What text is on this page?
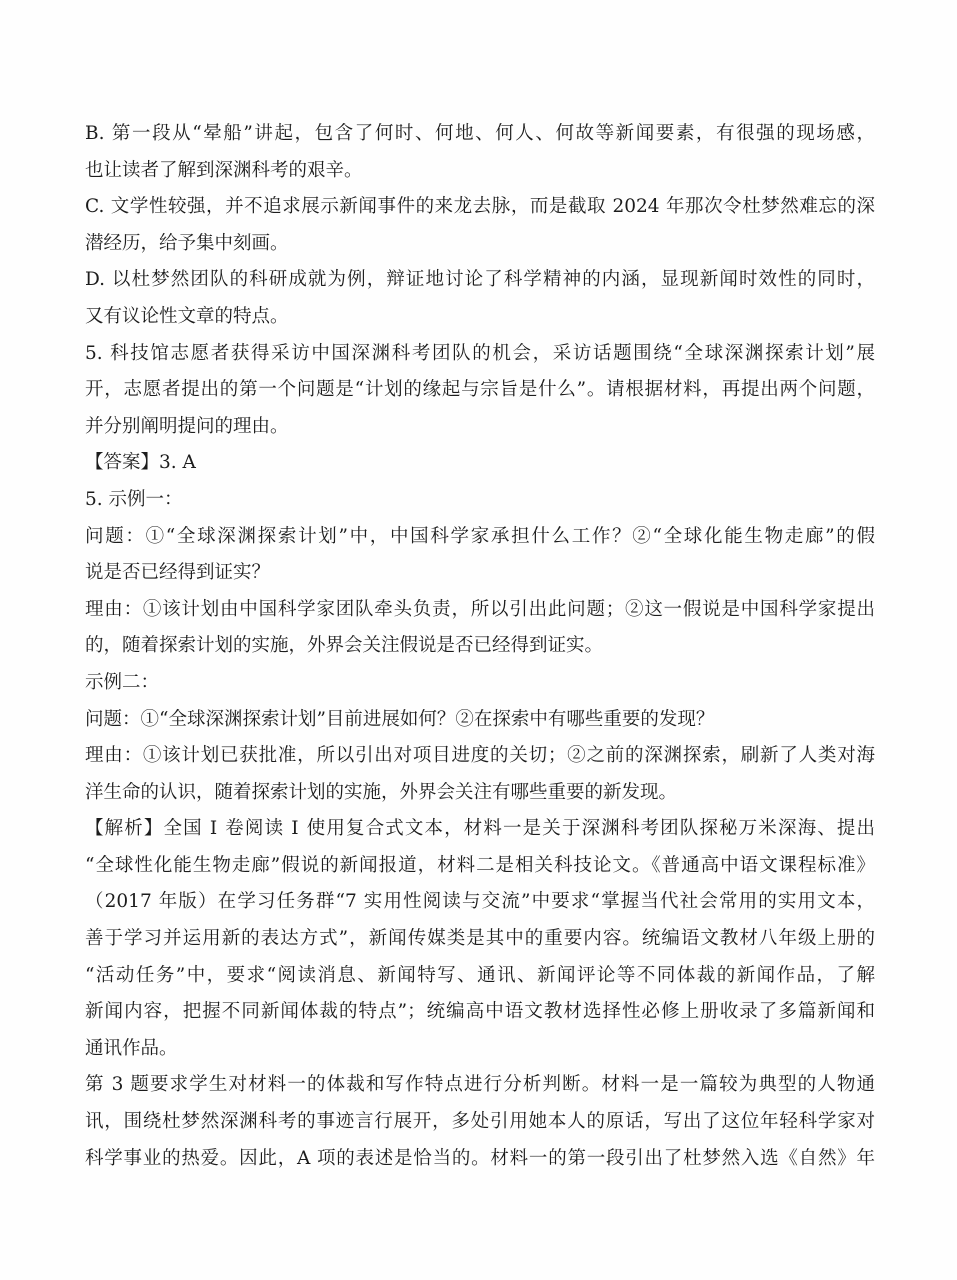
B. 第一段从“晕船”讲起，包含了何时、何地、何人、何故等新闻要素，有很强的现场感，
也让读者了解到深渊科考的艰辛。
C. 文学性较强，并不追求展示新闻事件的来龙去脉，而是截取 2024 年那次令杜梦然难忘的深
潜经历，给予集中刻画。
D. 以杜梦然团队的科研成就为例，辩证地讨论了科学精神的内涵，显现新闻时效性的同时，
又有议论性文章的特点。
5. 科技馆志愿者获得采访中国深渊科考团队的机会，采访话题围绕“全球深渊探索计划”展
开，志愿者提出的第一个问题是“计划的缘起与宗旨是什么”。请根据材料，再提出两个问题，
并分别阐明提问的理由。
【答案】3. A
5. 示例一：
问题：①“全球深渊探索计划”中，中国科学家承担什么工作？②“全球化能生物走廊”的假
说是否已经得到证实？
理由：①该计划由中国科学家团队牵头负责，所以引出此问题；②这一假说是中国科学家提出
的，随着探索计划的实施，外界会关注假说是否已经得到证实。
示例二：
问题：①“全球深渊探索计划”目前进展如何？②在探索中有哪些重要的发现？
理由：①该计划已获批准，所以引出对项目进度的关切；②之前的深渊探索，刷新了人类对海
洋生命的认识，随着探索计划的实施，外界会关注有哪些重要的新发现。
【解析】全国 Ⅰ 卷阅读 Ⅰ 使用复合式文本，材料一是关于深渊科考团队探秘万米深海、提出
“全球性化能生物走廊”假说的新闻报道，材料二是相关科技论文。《普通高中语文课程标准》
（2017 年版）在学习任务群“7 实用性阅读与交流”中要求“掌握当代社会常用的实用文本，
善于学习并运用新的表达方式”，新闻传媒类是其中的重要内容。统编语文教材八年级上册的
“活动任务”中，要求“阅读消息、新闻特写、通讯、新闻评论等不同体裁的新闻作品，了解
新闻内容，把握不同新闻体裁的特点”；统编高中语文教材选择性必修上册收录了多篇新闻和
通讯作品。
第 3 题要求学生对材料一的体裁和写作特点进行分析判断。材料一是一篇较为典型的人物通
讯，围绕杜梦然深渊科考的事迹言行展开，多处引用她本人的原话，写出了这位年轻科学家对
科学事业的热爱。因此，A 项的表述是恰当的。材料一的第一段引出了杜梦然入选《自然》年
